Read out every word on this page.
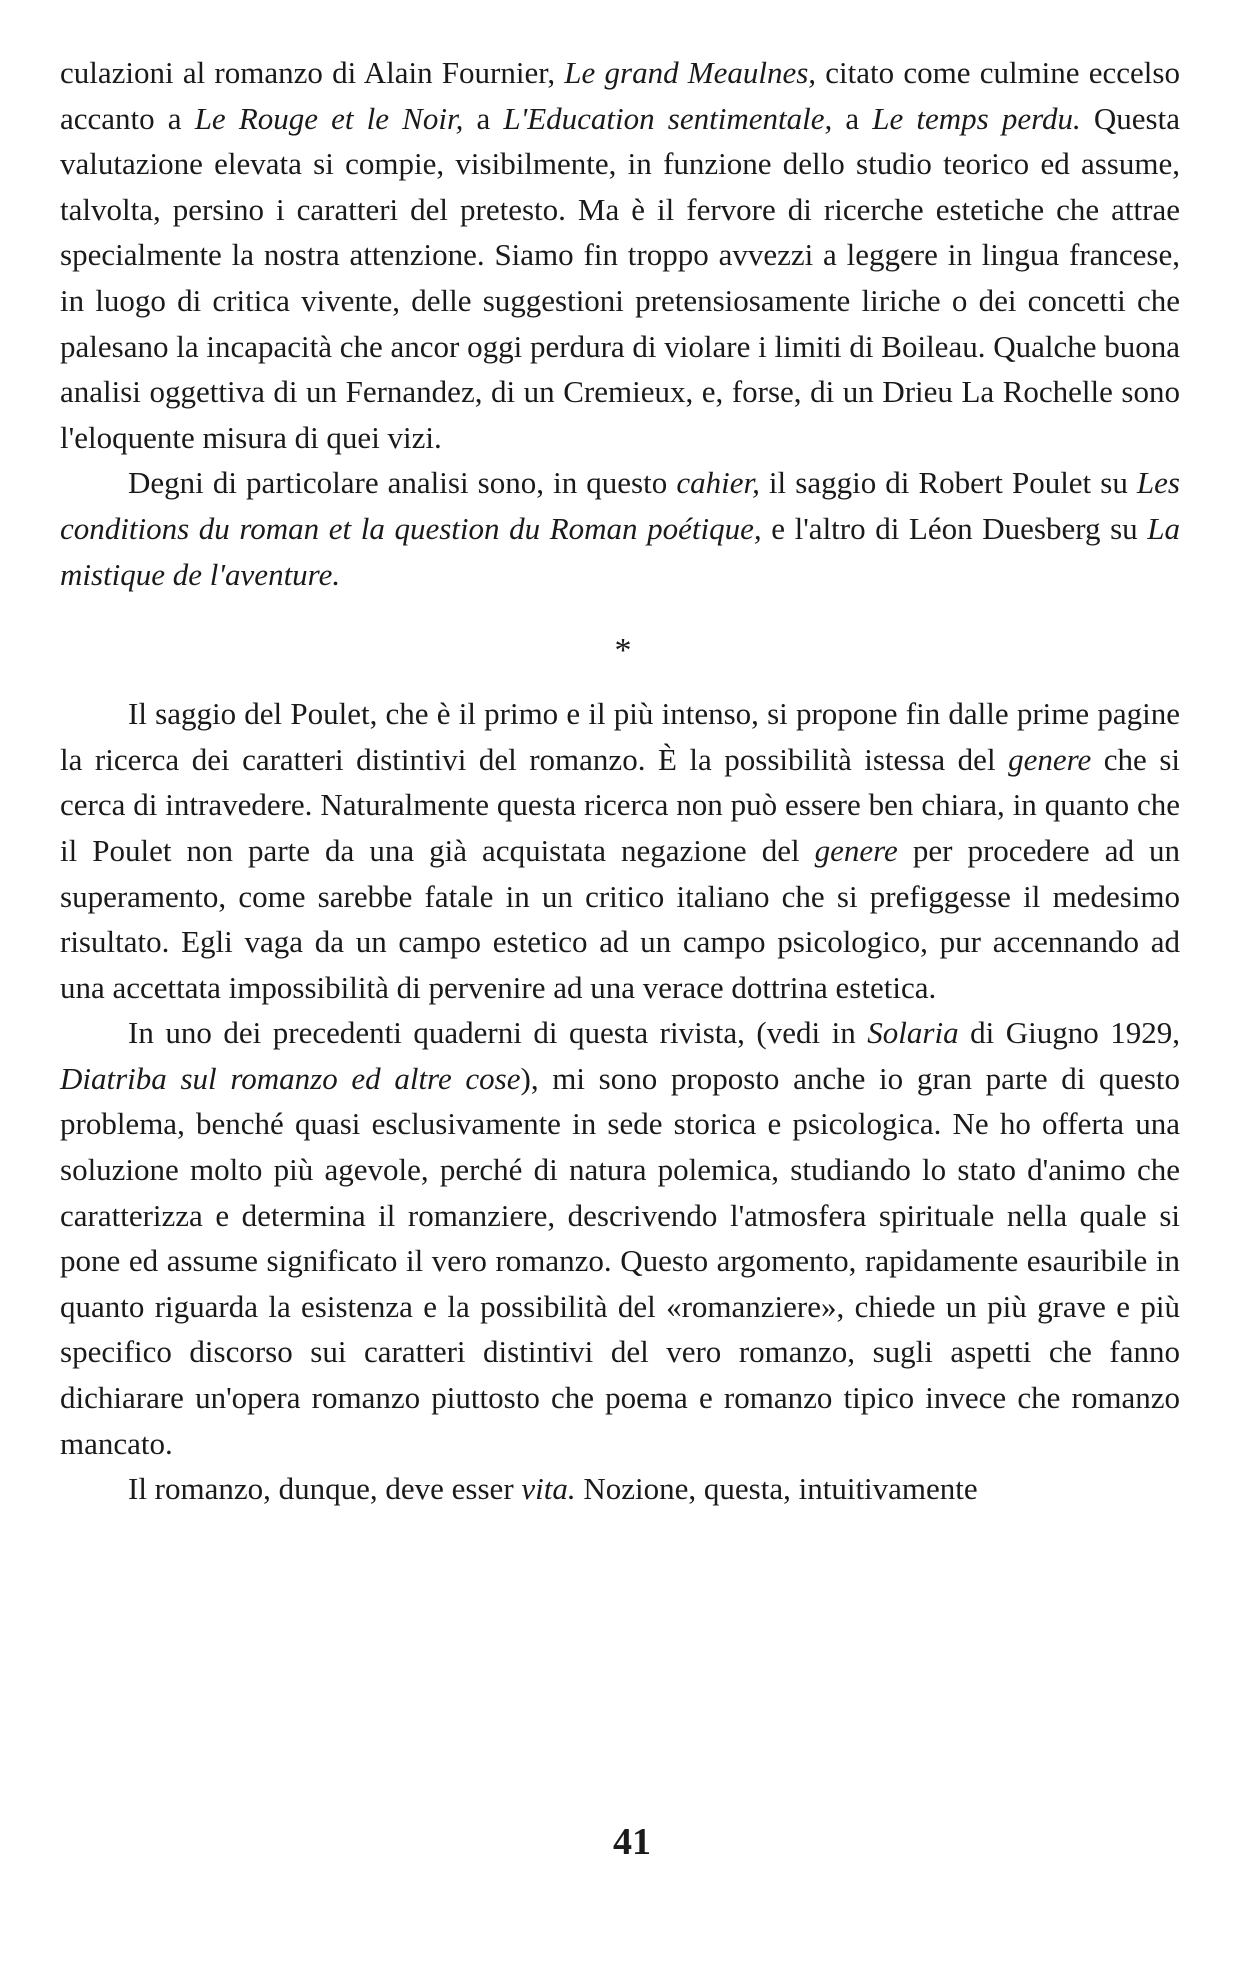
culazioni al romanzo di Alain Fournier, Le grand Meaulnes, citato come culmine eccelso accanto a Le Rouge et le Noir, a L'Education sentimentale, a Le temps perdu. Questa valutazione elevata si compie, visibilmente, in funzione dello studio teorico ed assume, talvolta, persino i caratteri del pretesto. Ma è il fervore di ricerche estetiche che attrae specialmente la nostra attenzione. Siamo fin troppo avvezzi a leggere in lingua francese, in luogo di critica vivente, delle suggestioni pretensiosamente liriche o dei concetti che palesano la incapacità che ancor oggi perdura di violare i limiti di Boileau. Qualche buona analisi oggettiva di un Fernandez, di un Cremieux, e, forse, di un Drieu La Rochelle sono l'eloquente misura di quei vizi.

Degni di particolare analisi sono, in questo cahier, il saggio di Robert Poulet su Les conditions du roman et la question du Roman poétique, e l'altro di Léon Duesberg su La mistique de l'aventure.

*

Il saggio del Poulet, che è il primo e il più intenso, si propone fin dalle prime pagine la ricerca dei caratteri distintivi del romanzo. È la possibilità istessa del genere che si cerca di intravedere. Naturalmente questa ricerca non può essere ben chiara, in quanto che il Poulet non parte da una già acquistata negazione del genere per procedere ad un superamento, come sarebbe fatale in un critico italiano che si prefiggesse il medesimo risultato. Egli vaga da un campo estetico ad un campo psicologico, pur accennando ad una accettata impossibilità di pervenire ad una verace dottrina estetica.

In uno dei precedenti quaderni di questa rivista, (vedi in Solaria di Giugno 1929, Diatriba sul romanzo ed altre cose), mi sono proposto anche io gran parte di questo problema, benché quasi esclusivamente in sede storica e psicologica. Ne ho offerta una soluzione molto più agevole, perché di natura polemica, studiando lo stato d'animo che caratterizza e determina il romanziere, descrivendo l'atmosfera spirituale nella quale si pone ed assume significato il vero romanzo. Questo argomento, rapidamente esauribile in quanto riguarda la esistenza e la possibilità del «romanziere», chiede un più grave e più specifico discorso sui caratteri distintivi del vero romanzo, sugli aspetti che fanno dichiarare un'opera romanzo piuttosto che poema e romanzo tipico invece che romanzo mancato.

Il romanzo, dunque, deve esser vita. Nozione, questa, intuitivamente

41
